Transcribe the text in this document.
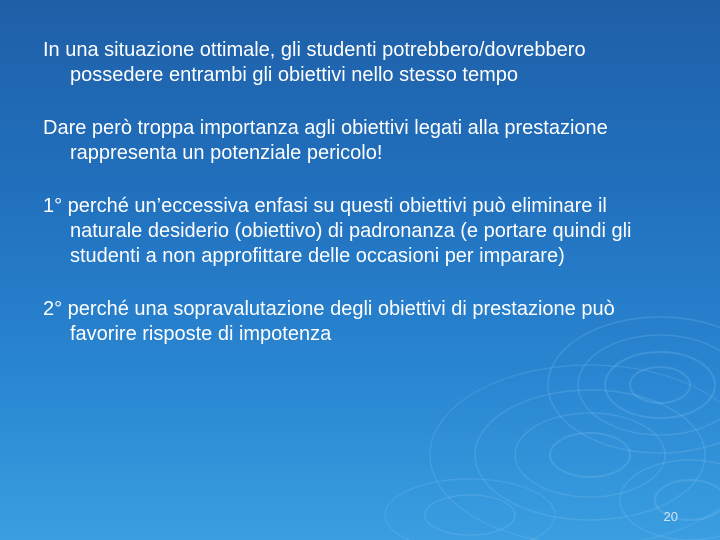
In una situazione ottimale, gli studenti potrebbero/dovrebbero possedere entrambi gli obiettivi nello stesso tempo

Dare però troppa importanza agli obiettivi legati alla prestazione rappresenta un potenziale pericolo!

1° perché un’eccessiva enfasi su questi obiettivi può eliminare il naturale desiderio (obiettivo) di padronanza (e portare quindi gli studenti a non approfittare delle occasioni per imparare)

2° perché una sopravalutazione degli obiettivi di prestazione può favorire risposte di impotenza

20
